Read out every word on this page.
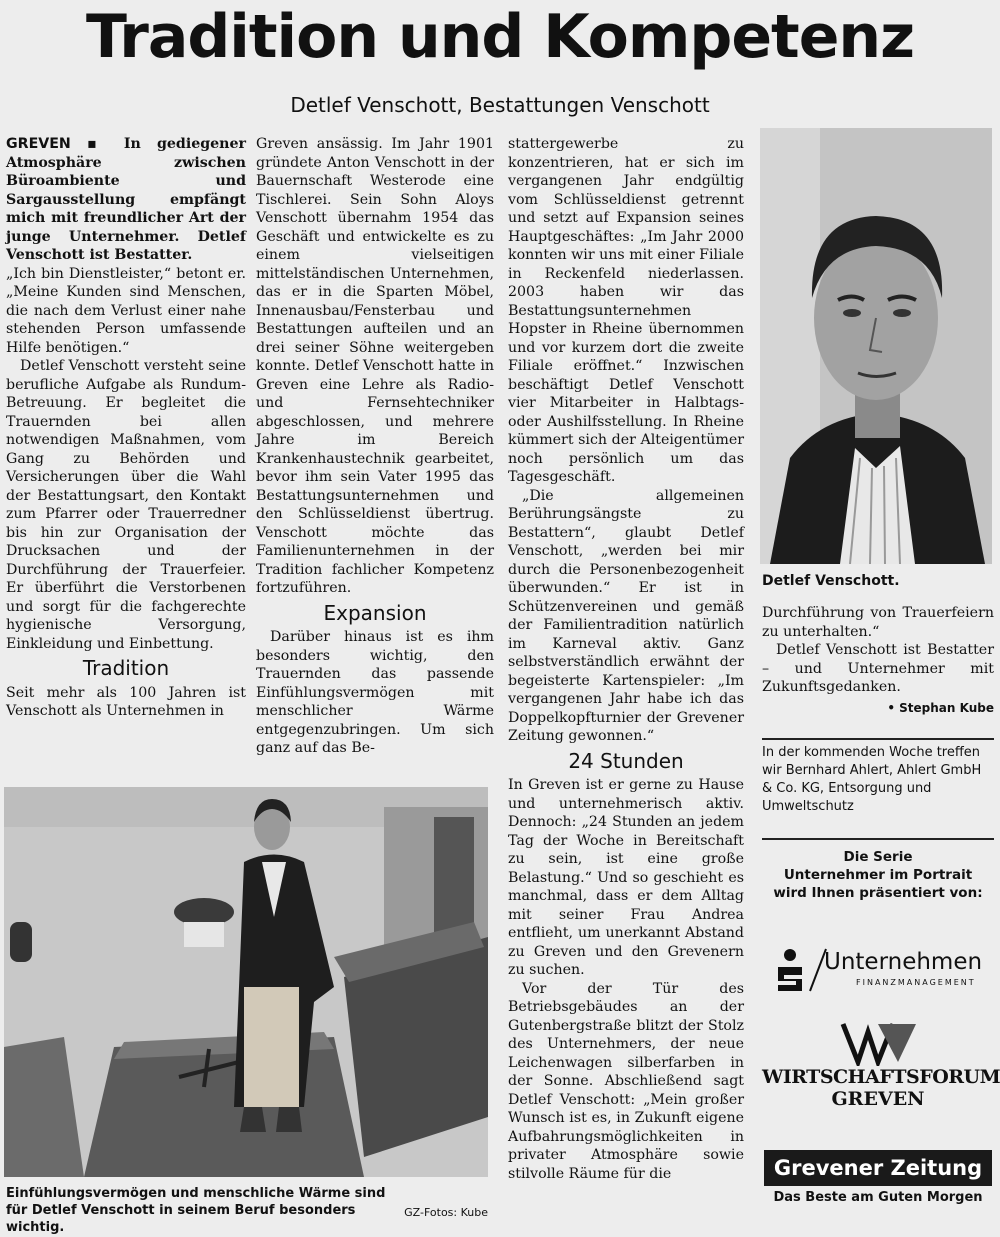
Tradition und Kompetenz
Detlef Venschott, Bestattungen Venschott

GREVEN ▪ In gediegener Atmosphäre zwischen Büroambiente und Sargausstellung empfängt mich mit freundlicher Art der junge Unternehmer. Detlef Venschott ist Bestatter.

„Ich bin Dienstleister,“ betont er. „Meine Kunden sind Menschen, die nach dem Verlust einer nahe stehenden Person umfassende Hilfe benötigen.“

Detlef Venschott versteht seine berufliche Aufgabe als Rundum-Betreuung. Er begleitet die Trauernden bei allen notwendigen Maßnahmen, vom Gang zu Behörden und Versicherungen über die Wahl der Bestattungsart, den Kontakt zum Pfarrer oder Trauerredner bis hin zur Organisation der Drucksachen und der Durchführung der Trauerfeier. Er überführt die Verstorbenen und sorgt für die fachgerechte hygienische Versorgung, Einkleidung und Einbettung.

Tradition

Seit mehr als 100 Jahren ist Venschott als Unternehmen in

Greven ansässig. Im Jahr 1901 gründete Anton Venschott in der Bauernschaft Westerode eine Tischlerei. Sein Sohn Aloys Venschott übernahm 1954 das Geschäft und entwickelte es zu einem vielseitigen mittelständischen Unternehmen, das er in die Sparten Möbel, Innenausbau/Fensterbau und Bestattungen aufteilen und an drei seiner Söhne weitergeben konnte. Detlef Venschott hatte in Greven eine Lehre als Radio- und Fernsehtechniker abgeschlossen, und mehrere Jahre im Bereich Krankenhaustechnik gearbeitet, bevor ihm sein Vater 1995 das Bestattungsunternehmen und den Schlüsseldienst übertrug. Venschott möchte das Familienunternehmen in der Tradition fachlicher Kompetenz fortzuführen.

Expansion

Darüber hinaus ist es ihm besonders wichtig, den Trauernden das passende Einfühlungsvermögen mit menschlicher Wärme entgegenzubringen. Um sich ganz auf das Be-

stattergewerbe zu konzentrieren, hat er sich im vergangenen Jahr endgültig vom Schlüsseldienst getrennt und setzt auf Expansion seines Hauptgeschäftes: „Im Jahr 2000 konnten wir uns mit einer Filiale in Reckenfeld niederlassen. 2003 haben wir das Bestattungsunternehmen Hopster in Rheine übernommen und vor kurzem dort die zweite Filiale eröffnet.“ Inzwischen beschäftigt Detlef Venschott vier Mitarbeiter in Halbtags- oder Aushilfsstellung. In Rheine kümmert sich der Alteigentümer noch persönlich um das Tagesgeschäft.

„Die allgemeinen Berührungsängste zu Bestattern“, glaubt Detlef Venschott, „werden bei mir durch die Personenbezogenheit überwunden.“ Er ist in Schützenvereinen und gemäß der Familientradition natürlich im Karneval aktiv. Ganz selbstverständlich erwähnt der begeisterte Kartenspieler: „Im vergangenen Jahr habe ich das Doppelkopfturnier der Grevener Zeitung gewonnen.“

24 Stunden

In Greven ist er gerne zu Hause und unternehmerisch aktiv. Dennoch: „24 Stunden an jedem Tag der Woche in Bereitschaft zu sein, ist eine große Belastung.“ Und so geschieht es manchmal, dass er dem Alltag mit seiner Frau Andrea entflieht, um unerkannt Abstand zu Greven und den Grevenern zu suchen.

Vor der Tür des Betriebsgebäudes an der Gutenbergstraße blitzt der Stolz des Unternehmers, der neue Leichenwagen silberfarben in der Sonne. Abschließend sagt Detlef Venschott: „Mein großer Wunsch ist es, in Zukunft eigene Aufbahrungsmöglichkeiten in privater Atmosphäre sowie stilvolle Räume für die

Detlef Venschott.

Durchführung von Trauerfeiern zu unterhalten.“

Detlef Venschott ist Bestatter – und Unternehmer mit Zukunftsgedanken.

• Stephan Kube
In der kommenden Woche treffen wir Bernhard Ahlert, Ahlert GmbH & Co. KG, Entsorgung und Umweltschutz
Die Serie
Unternehmer im Portrait
wird Ihnen präsentiert von:
Unternehmen
FINANZMANAGEMENT
WIRTSCHAFTSFORUM
GREVEN
Grevener Zeitung
Das Beste am Guten Morgen
Einfühlungsvermögen und menschliche Wärme sind für Detlef Venschott in seinem Beruf besonders wichtig.
GZ-Fotos: Kube
